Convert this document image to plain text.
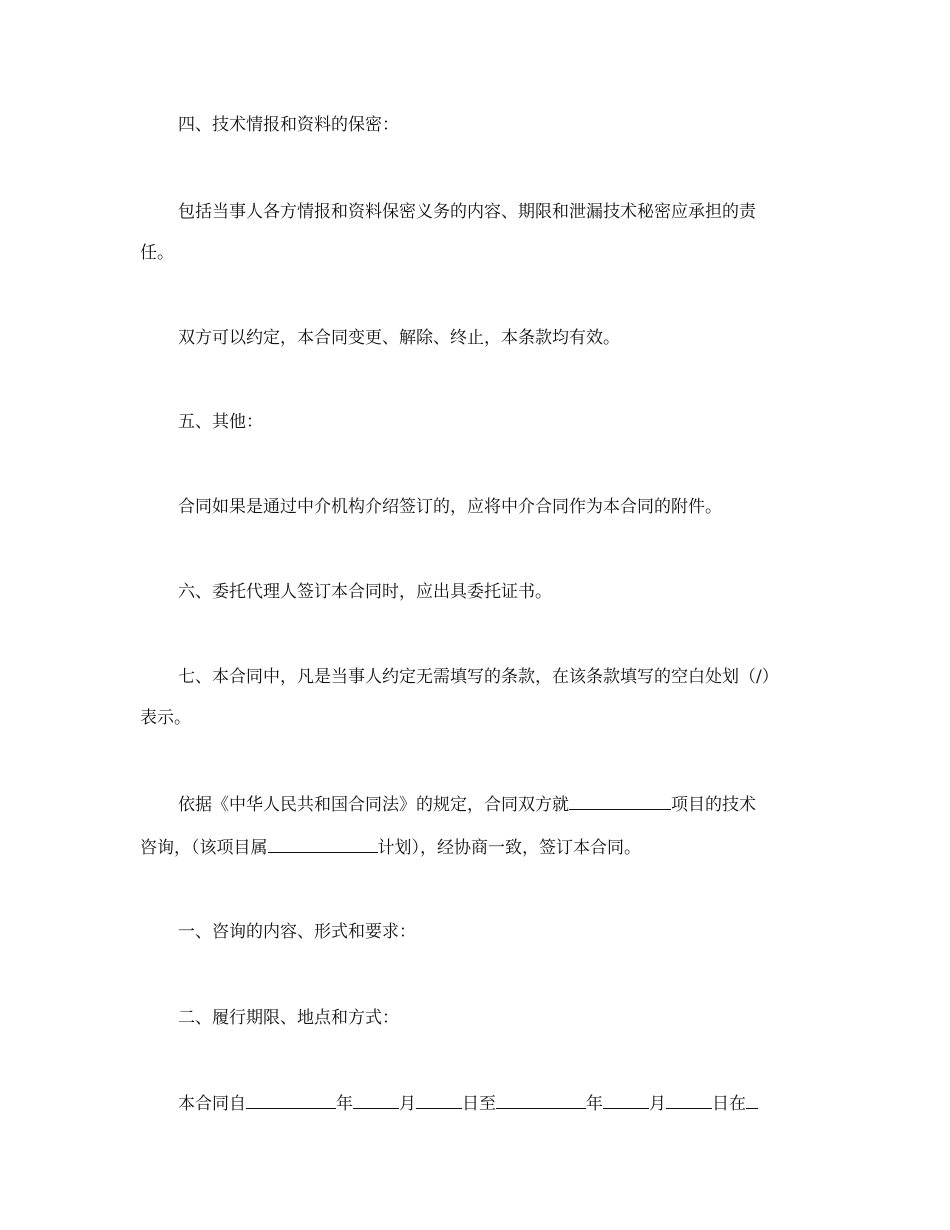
四、技术情报和资料的保密：
包括当事人各方情报和资料保密义务的内容、期限和泄漏技术秘密应承担的责
任。
双方可以约定，本合同变更、解除、终止，本条款均有效。
五、其他：
合同如果是通过中介机构介绍签订的，应将中介合同作为本合同的附件。
六、委托代理人签订本合同时，应出具委托证书。
七、本合同中，凡是当事人约定无需填写的条款，在该条款填写的空白处划（/）
表示。
依据《中华人民共和国合同法》的规定，合同双方就	项目的技术
咨询，（该项目属	计划），经协商一致，签订本合同。
一、咨询的内容、形式和要求：
二、履行期限、地点和方式：
本合同自	年	月	日至	年	月	日在
